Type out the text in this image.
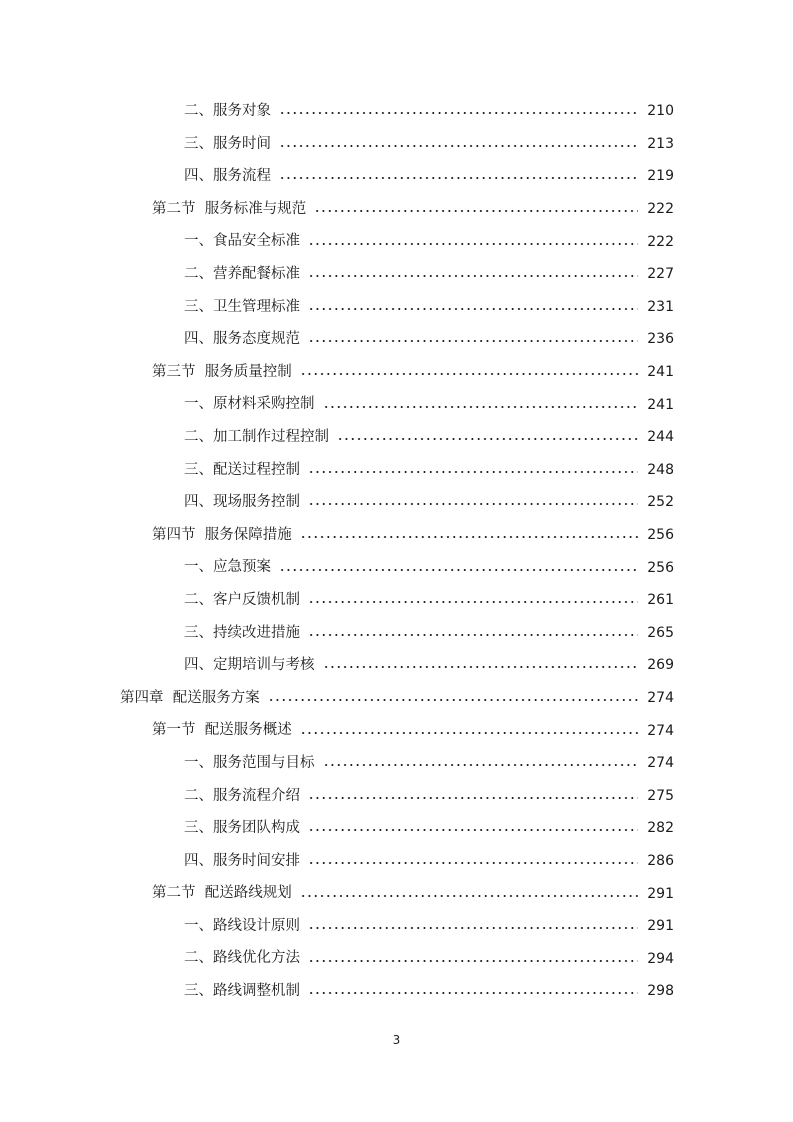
二、服务对象	210
三、服务时间	213
四、服务流程	219
第二节  服务标准与规范	222
一、食品安全标准	222
二、营养配餐标准	227
三、卫生管理标准	231
四、服务态度规范	236
第三节  服务质量控制	241
一、原材料采购控制	241
二、加工制作过程控制	244
三、配送过程控制	248
四、现场服务控制	252
第四节  服务保障措施	256
一、应急预案	256
二、客户反馈机制	261
三、持续改进措施	265
四、定期培训与考核	269
第四章  配送服务方案	274
第一节  配送服务概述	274
一、服务范围与目标	274
二、服务流程介绍	275
三、服务团队构成	282
四、服务时间安排	286
第二节  配送路线规划	291
一、路线设计原则	291
二、路线优化方法	294
三、路线调整机制	298
3
